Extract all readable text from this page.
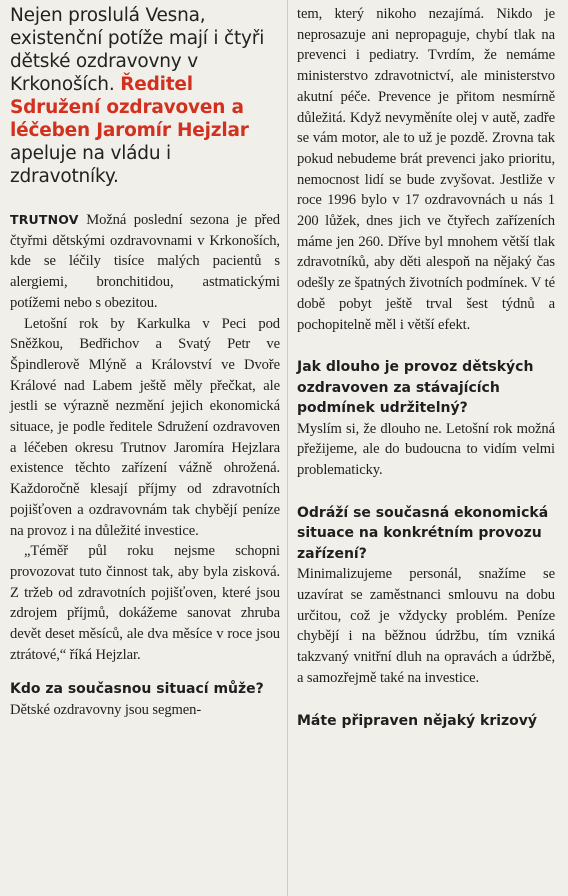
Nejen proslulá Vesna, existenční potíže mají i čtyři dětské ozdravovny v Krkonoších. Ředitel Sdružení ozdravoven a léčeben Jaromír Hejzlar apeluje na vládu i zdravotníky.

TRUTNOV Možná poslední sezona je před čtyřmi dětskými ozdravovnami v Krkonoších, kde se léčily tisíce malých pacientů s alergiemi, bronchitidou, astmatickými potížemi nebo s obezitou.

Letošní rok by Karkulka v Peci pod Sněžkou, Bedřichov a Svatý Petr ve Špindlerově Mlýně a Království ve Dvoře Králové nad Labem ještě měly přečkat, ale jestli se výrazně nezmění jejich ekonomická situace, je podle ředitele Sdružení ozdravoven a léčeben okresu Trutnov Jaromíra Hejzlara existence těchto zařízení vážně ohrožená. Každoročně klesají příjmy od zdravotních pojišťoven a ozdravovnám tak chybějí peníze na provoz i na důležité investice.

„Téměř půl roku nejsme schopni provozovat tuto činnost tak, aby byla zisková. Z tržeb od zdravotních pojišťoven, které jsou zdrojem příjmů, dokážeme sanovat zhruba devět deset měsíců, ale dva měsíce v roce jsou ztrátové,“ říká Hejzlar.

Kdo za současnou situací může?

Dětské ozdravovny jsou segmen-

tem, který nikoho nezajímá. Nikdo je neprosazuje ani nepropaguje, chybí tlak na prevenci i pediatry. Tvrdím, že nemáme ministerstvo zdravotnictví, ale ministerstvo akutní péče. Prevence je přitom nesmírně důležitá. Když nevyměníte olej v autě, zadře se vám motor, ale to už je pozdě. Zrovna tak pokud nebudeme brát prevenci jako prioritu, nemocnost lidí se bude zvyšovat. Jestliže v roce 1996 bylo v 17 ozdravovnách u nás 1 200 lůžek, dnes jich ve čtyřech zařízeních máme jen 260. Dříve byl mnohem větší tlak zdravotníků, aby děti alespoň na nějaký čas odešly ze špatných životních podmínek. V té době pobyt ještě trval šest týdnů a pochopitelně měl i větší efekt.

Jak dlouho je provoz dětských ozdravoven za stávajících podmínek udržitelný?

Myslím si, že dlouho ne. Letošní rok možná přežijeme, ale do budoucna to vidím velmi problematicky.

Odráží se současná ekonomická situace na konkrétním provozu zařízení?

Minimalizujeme personál, snažíme se uzavírat se zaměstnanci smlouvu na dobu určitou, což je vždycky problém. Peníze chybějí i na běžnou údržbu, tím vzniká takzvaný vnitřní dluh na opravách a údržbě, a samozřejmě také na investice.

Máte připraven nějaký krizový
